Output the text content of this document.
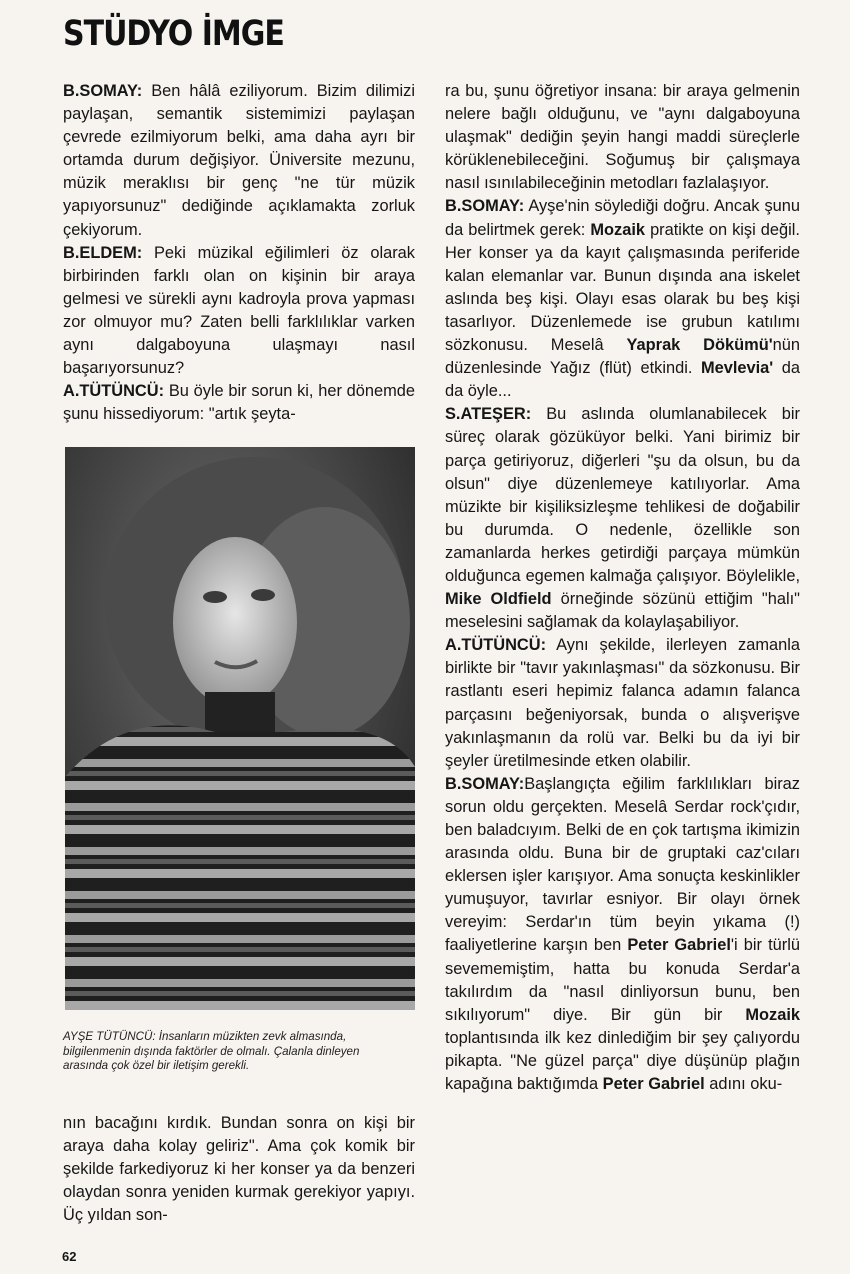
STÜDYO İMGE

B.SOMAY: Ben hâlâ eziliyorum. Bizim dilimizi paylaşan, semantik sistemimizi paylaşan çevrede ezilmiyorum belki, ama daha ayrı bir ortamda durum değişiyor. Üniversite mezunu, müzik meraklısı bir genç "ne tür müzik yapıyorsunuz" dediğinde açıklamakta zorluk çekiyorum.

B.ELDEM: Peki müzikal eğilimleri öz olarak birbirinden farklı olan on kişinin bir araya gelmesi ve sürekli aynı kadroyla prova yapması zor olmuyor mu? Zaten belli farklılıklar varken aynı dalgaboyuna ulaşmayı nasıl başarıyorsunuz?

A.TÜTÜNCÜ: Bu öyle bir sorun ki, her dönemde şunu hissediyorum: "artık şeyta-

AYŞE TÜTÜNCÜ: İnsanların müzikten zevk almasında, bilgilenmenin dışında faktörler de olmalı. Çalanla dinleyen arasında çok özel bir iletişim gerekli.

nın bacağını kırdık. Bundan sonra on kişi bir araya daha kolay geliriz". Ama çok komik bir şekilde farkediyoruz ki her konser ya da benzeri olaydan sonra yeniden kurmak gerekiyor yapıyı. Üç yıldan son-

ra bu, şunu öğretiyor insana: bir araya gelmenin nelere bağlı olduğunu, ve "aynı dalgaboyuna ulaşmak" dediğin şeyin hangi maddi süreçlerle körüklenebileceğini. Soğumuş bir çalışmaya nasıl ısınılabileceğinin metodları fazlalaşıyor.

B.SOMAY: Ayşe'nin söylediği doğru. Ancak şunu da belirtmek gerek: Mozaik pratikte on kişi değil. Her konser ya da kayıt çalışmasında periferide kalan elemanlar var. Bunun dışında ana iskelet aslında beş kişi. Olayı esas olarak bu beş kişi tasarlıyor. Düzenlemede ise grubun katılımı sözkonusu. Meselâ Yaprak Dökümü'nün düzenlesinde Yağız (flüt) etkindi. Mevlevia' da da öyle...

S.ATEŞER: Bu aslında olumlanabilecek bir süreç olarak gözüküyor belki. Yani birimiz bir parça getiriyoruz, diğerleri "şu da olsun, bu da olsun" diye düzenlemeye katılıyorlar. Ama müzikte bir kişiliksizleşme tehlikesi de doğabilir bu durumda. O nedenle, özellikle son zamanlarda herkes getirdiği parçaya mümkün olduğunca egemen kalmağa çalışıyor. Böylelikle, Mike Oldfield örneğinde sözünü ettiğim "halı" meselesini sağlamak da kolaylaşabiliyor.

A.TÜTÜNCÜ: Aynı şekilde, ilerleyen zamanla birlikte bir "tavır yakınlaşması" da sözkonusu. Bir rastlantı eseri hepimiz falanca adamın falanca parçasını beğeniyorsak, bunda o alışverişve yakınlaşmanın da rolü var. Belki bu da iyi bir şeyler üretilmesinde etken olabilir.

B.SOMAY:Başlangıçta eğilim farklılıkları biraz sorun oldu gerçekten. Meselâ Serdar rock'çıdır, ben baladcıyım. Belki de en çok tartışma ikimizin arasında oldu. Buna bir de gruptaki caz'cıları eklersen işler karışıyor. Ama sonuçta keskinlikler yumuşuyor, tavırlar esniyor. Bir olayı örnek vereyim: Serdar'ın tüm beyin yıkama (!) faaliyetlerine karşın ben Peter Gabriel'i bir türlü sevememiştim, hatta bu konuda Serdar'a takılırdım da "nasıl dinliyorsun bunu, ben sıkılıyorum" diye. Bir gün bir Mozaik toplantısında ilk kez dinlediğim bir şey çalıyordu pikapta. "Ne güzel parça" diye düşünüp plağın kapağına baktığımda Peter Gabriel adını oku-

62
